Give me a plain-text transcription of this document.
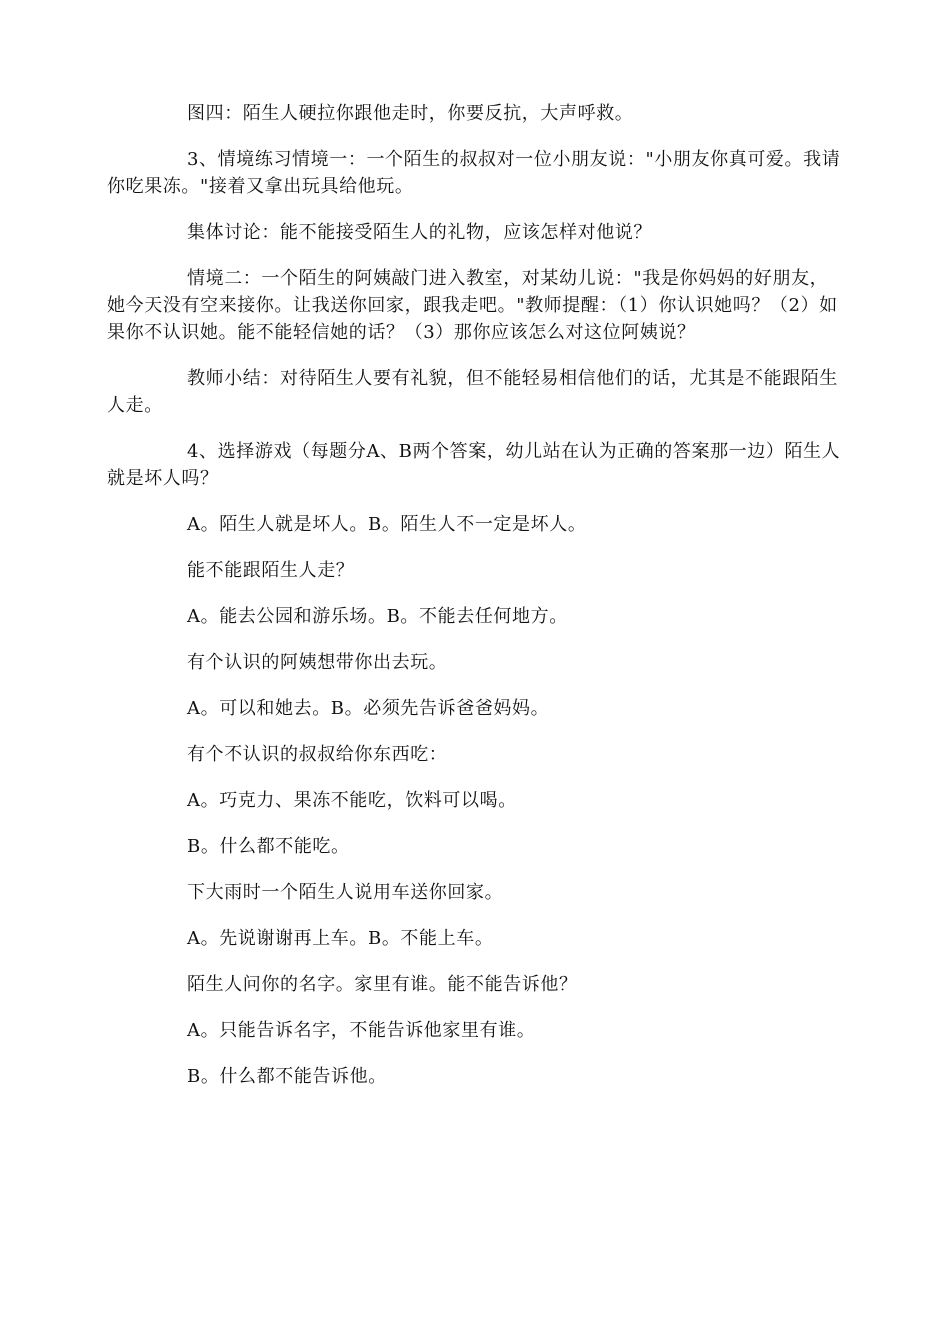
图四：陌生人硬拉你跟他走时，你要反抗，大声呼救。

3、情境练习情境一：一个陌生的叔叔对一位小朋友说："小朋友你真可爱。我请你吃果冻。"接着又拿出玩具给他玩。

集体讨论：能不能接受陌生人的礼物，应该怎样对他说？

情境二：一个陌生的阿姨敲门进入教室，对某幼儿说："我是你妈妈的好朋友，她今天没有空来接你。让我送你回家，跟我走吧。"教师提醒：（1）你认识她吗？（2）如果你不认识她。能不能轻信她的话？（3）那你应该怎么对这位阿姨说？

教师小结：对待陌生人要有礼貌，但不能轻易相信他们的话，尤其是不能跟陌生人走。

4、选择游戏（每题分A、B两个答案，幼儿站在认为正确的答案那一边）陌生人就是坏人吗？

A。陌生人就是坏人。B。陌生人不一定是坏人。

能不能跟陌生人走？

A。能去公园和游乐场。B。不能去任何地方。

有个认识的阿姨想带你出去玩。

A。可以和她去。B。必须先告诉爸爸妈妈。

有个不认识的叔叔给你东西吃：

A。巧克力、果冻不能吃，饮料可以喝。

B。什么都不能吃。

下大雨时一个陌生人说用车送你回家。

A。先说谢谢再上车。B。不能上车。

陌生人问你的名字。家里有谁。能不能告诉他？

A。只能告诉名字，不能告诉他家里有谁。

B。什么都不能告诉他。
